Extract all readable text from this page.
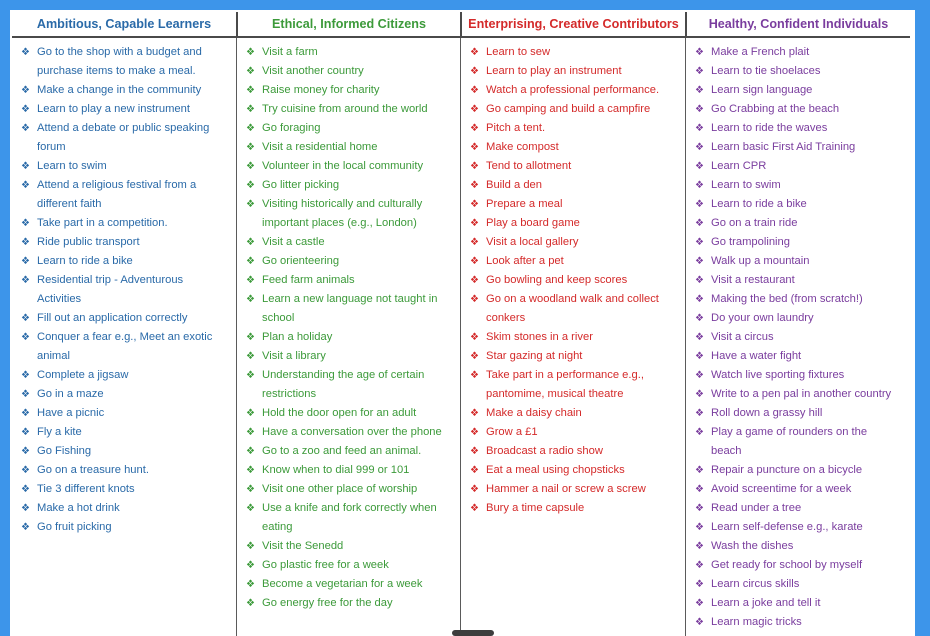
Ambitious, Capable Learners	Ethical, Informed Citizens	Enterprising, Creative Contributors	Healthy, Confident Individuals
❖ Go to the shop with a budget and
purchase items to make a meal.
❖ Make a change in the community
❖ Learn to play a new instrument
❖ Attend a debate or public speaking
forum
❖ Learn to swim
❖ Attend a religious festival from a
different faith
❖ Take part in a competition.
❖ Ride public transport
❖ Learn to ride a bike
❖ Residential trip - Adventurous
Activities
❖ Fill out an application correctly
❖ Conquer a fear e.g., Meet an exotic
animal
❖ Complete a jigsaw
❖ Go in a maze
❖ Have a picnic
❖ Fly a kite
❖ Go Fishing
❖ Go on a treasure hunt.
❖ Tie 3 different knots
❖ Make a hot drink
❖ Go fruit picking
❖ Visit a farm
❖ Visit another country
❖ Raise money for charity
❖ Try cuisine from around the world
❖ Go foraging
❖ Visit a residential home
❖ Volunteer in the local community
❖ Go litter picking
❖ Visiting historically and culturally
important places (e.g., London)
❖ Visit a castle
❖ Go orienteering
❖ Feed farm animals
❖ Learn a new language not taught in
school
❖ Plan a holiday
❖ Visit a library
❖ Understanding the age of certain
restrictions
❖ Hold the door open for an adult
❖ Have a conversation over the phone
❖ Go to a zoo and feed an animal.
❖ Know when to dial 999 or 101
❖ Visit one other place of worship
❖ Use a knife and fork correctly when
eating
❖ Visit the Senedd
❖ Go plastic free for a week
❖ Become a vegetarian for a week
❖ Go energy free for the day
❖ Learn to sew
❖ Learn to play an instrument
❖ Watch a professional performance.
❖ Go camping and build a campfire
❖ Pitch a tent.
❖ Make compost
❖ Tend to allotment
❖ Build a den
❖ Prepare a meal
❖ Play a board game
❖ Visit a local gallery
❖ Look after a pet
❖ Go bowling and keep scores
❖ Go on a woodland walk and collect
conkers
❖ Skim stones in a river
❖ Star gazing at night
❖ Take part in a performance e.g.,
pantomime, musical theatre
❖ Make a daisy chain
❖ Grow a £1
❖ Broadcast a radio show
❖ Eat a meal using chopsticks
❖ Hammer a nail or screw a screw
❖ Bury a time capsule
❖ Make a French plait
❖ Learn to tie shoelaces
❖ Learn sign language
❖ Go Crabbing at the beach
❖ Learn to ride the waves
❖ Learn basic First Aid Training
❖ Learn CPR
❖ Learn to swim
❖ Learn to ride a bike
❖ Go on a train ride
❖ Go trampolining
❖ Walk up a mountain
❖ Visit a restaurant
❖ Making the bed (from scratch!)
❖ Do your own laundry
❖ Visit a circus
❖ Have a water fight
❖ Watch live sporting fixtures
❖ Write to a pen pal in another country
❖ Roll down a grassy hill
❖ Play a game of rounders on the
beach
❖ Repair a puncture on a bicycle
❖ Avoid screentime for a week
❖ Read under a tree
❖ Learn self-defense e.g., karate
❖ Wash the dishes
❖ Get ready for school by myself
❖ Learn circus skills
❖ Learn a joke and tell it
❖ Learn magic tricks
